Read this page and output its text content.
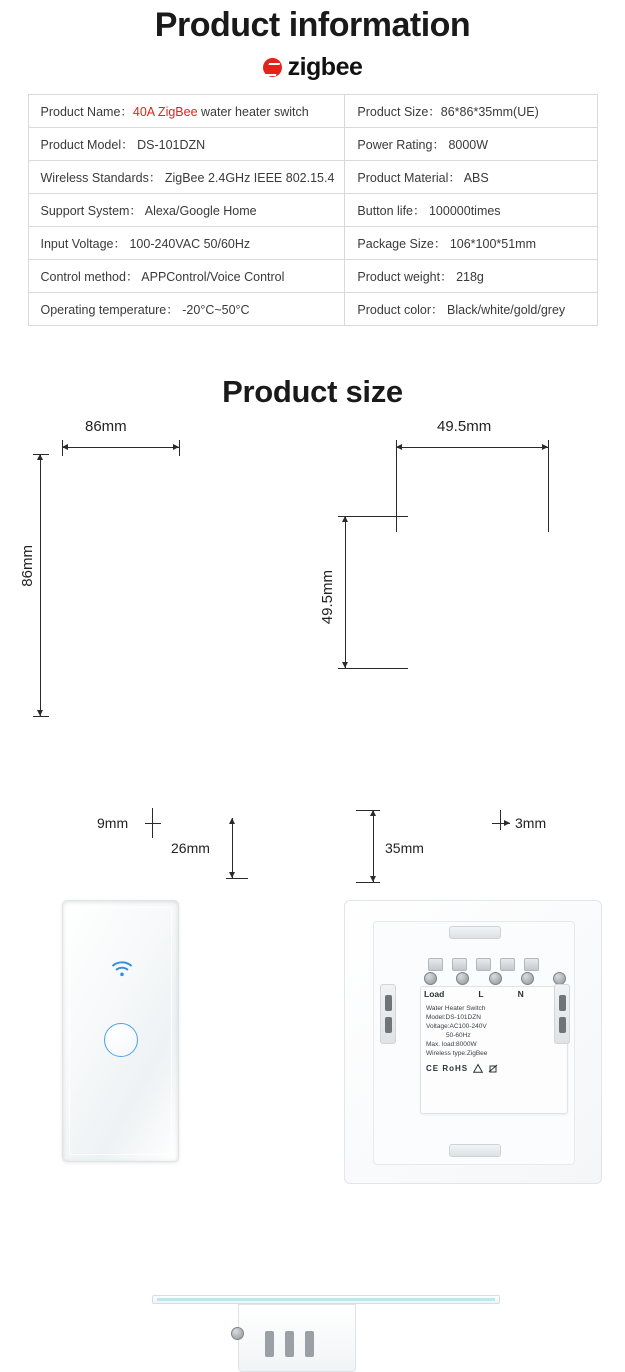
Product information
zigbee
Product Name：40A ZigBee water heater switch	Product Size：86*86*35mm(UE)
Product Model： DS-101DZN	Power Rating： 8000W
Wireless Standards： ZigBee 2.4GHz IEEE 802.15.4	Product Material： ABS
Support System： Alexa/Google Home	Button life： 100000times
Input Voltage： 100-240VAC 50/60Hz	Package Size： 106*100*51mm
Control method： APPControl/Voice Control	Product weight： 218g
Operating temperature： -20°C~50°C	Product color： Black/white/gold/grey
Product size
86mm
86mm
Load	L	N
Water Heater Switch
Model:DS-101DZN
Voltage:AC100-240V
50-60Hz
Max. load:8000W
Wireless type:ZigBee
CE RoHS
49.5mm
49.5mm
9mm	3mm
26mm	35mm
